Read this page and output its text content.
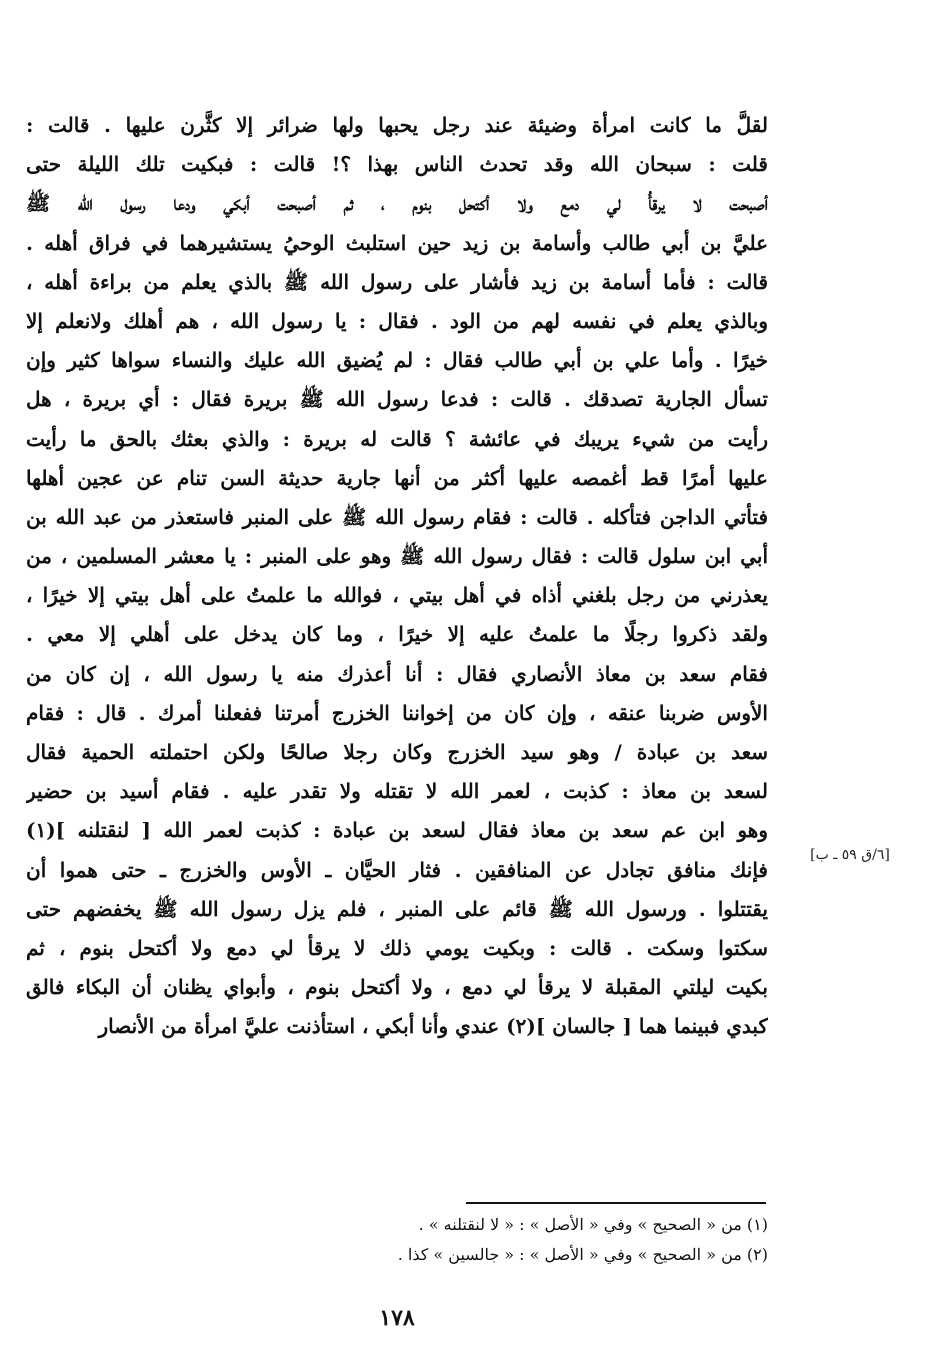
لقلَّ ما كانت امرأة وضيئة عند رجل يحبها ولها ضرائر إلا كثَّرن عليها . قالت :
قلت : سبحان الله وقد تحدث الناس بهذا ؟! قالت : فبكيت تلك الليلة حتى
أصبحت لا يرقأُ لي دمع ولا أكتحل بنوم ، ثم أصبحت أبكي ودعا رسول الله ﷺ
عليَّ بن أبي طالب وأسامة بن زيد حين استلبث الوحيُ يستشيرهما في فراق أهله .
قالت : فأما أسامة بن زيد فأشار على رسول الله ﷺ بالذي يعلم من براءة أهله ،
وبالذي يعلم في نفسه لهم من الود . فقال : يا رسول الله ، هم أهلك ولانعلم إلا
خيرًا . وأما علي بن أبي طالب فقال : لم يُضيق الله عليك والنساء سواها كثير وإن
تسأل الجارية تصدقك . قالت : فدعا رسول الله ﷺ بريرة فقال : أي بريرة ، هل
رأيت من شيء يريبك في عائشة ؟ قالت له بريرة : والذي بعثك بالحق ما رأيت
عليها أمرًا قط أغمصه عليها أكثر من أنها جارية حديثة السن تنام عن عجين أهلها
فتأتي الداجن فتأكله . قالت : فقام رسول الله ﷺ على المنبر فاستعذر من عبد الله بن
أبي ابن سلول قالت : فقال رسول الله ﷺ وهو على المنبر : يا معشر المسلمين ، من
يعذرني من رجل بلغني أذاه في أهل بيتي ، فوالله ما علمتُ على أهل بيتي إلا خيرًا ،
ولقد ذكروا رجلًا ما علمتُ عليه إلا خيرًا ، وما كان يدخل على أهلي إلا معي .
فقام سعد بن معاذ الأنصاري فقال : أنا أعذرك منه يا رسول الله ، إن كان من
الأوس ضربنا عنقه ، وإن كان من إخواننا الخزرج أمرتنا ففعلنا أمرك . قال : فقام
سعد بن عبادة / وهو سيد الخزرج وكان رجلا صالحًا ولكن احتملته الحمية فقال
لسعد بن معاذ : كذبت ، لعمر الله لا تقتله ولا تقدر عليه . فقام أسيد بن حضير
وهو ابن عم سعد بن معاذ فقال لسعد بن عبادة : كذبت لعمر الله [ لنقتلنه ](١)
فإنك منافق تجادل عن المنافقين . فثار الحيَّان ـ الأوس والخزرج ـ حتى هموا أن
يقتتلوا . ورسول الله ﷺ قائم على المنبر ، فلم يزل رسول الله ﷺ يخفضهم حتى
سكتوا وسكت . قالت : وبكيت يومي ذلك لا يرقأ لي دمع ولا أكتحل بنوم ، ثم
بكيت ليلتي المقبلة لا يرقأ لي دمع ، ولا أكتحل بنوم ، وأبواي يظنان أن البكاء فالق
كبدي فبينما هما [ جالسان ](٢) عندي وأنا أبكي ، استأذنت عليَّ امرأة من الأنصار
[٦/ق ٥٩ ـ ب]
(١) من « الصحيح » وفي « الأصل » : « لا لنقتلنه » .
(٢) من « الصحيح » وفي « الأصل » : « جالسين » كذا .
١٧٨
